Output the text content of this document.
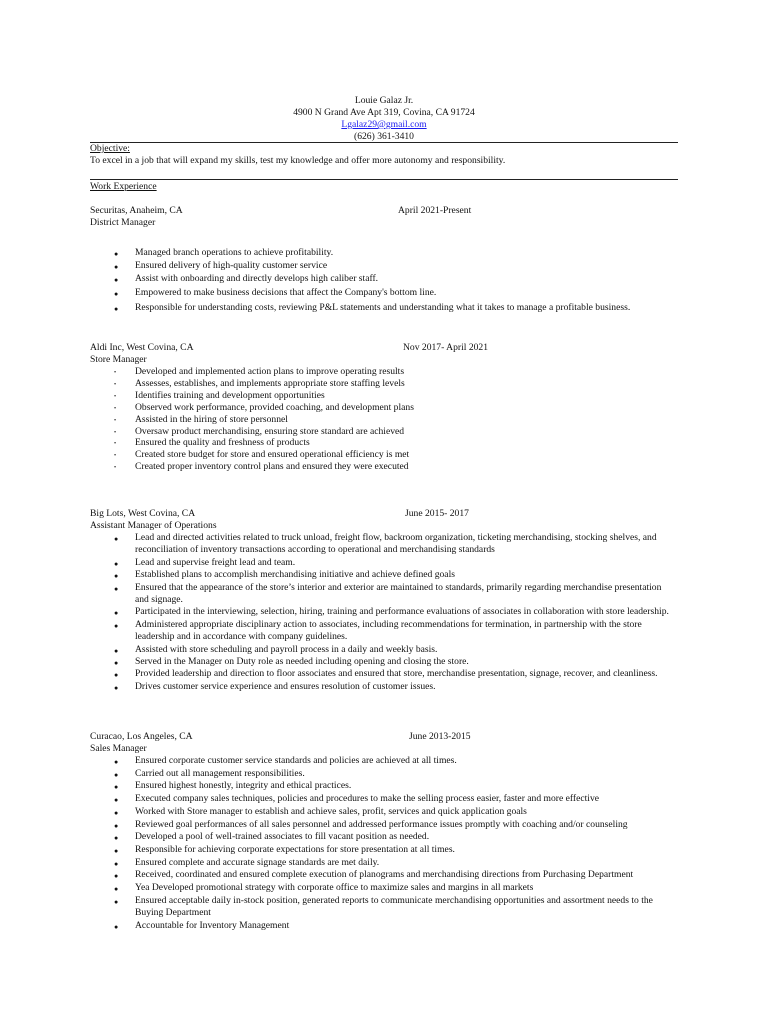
Louie Galaz Jr.
4900 N Grand Ave Apt 319, Covina, CA 91724
Lgalaz29@gmail.com
(626) 361-3410
Objective:
To excel in a job that will expand my skills, test my knowledge and offer more autonomy and responsibility.
Work Experience
Securitas, Anaheim, CA	April 2021-Present
District Manager
●
Managed branch operations to achieve profitability.
●
Ensured delivery of high-quality customer service
●
Assist with onboarding and directly develops high caliber staff.
●
Empowered to make business decisions that affect the Company's bottom line.
●
Responsible for understanding costs, reviewing P&L statements and understanding what it takes to manage a profitable business.
Aldi Inc, West Covina, CA	Nov 2017- April 2021
Store Manager
•
Developed and implemented action plans to improve operating results
•
Assesses, establishes, and implements appropriate store staffing levels
•
Identifies training and development opportunities
•
Observed work performance, provided coaching, and development plans
•
Assisted in the hiring of store personnel
•
Oversaw product merchandising, ensuring store standard are achieved
•
Ensured the quality and freshness of products
•
Created store budget for store and ensured operational efficiency is met
•
Created proper inventory control plans and ensured they were executed
Big Lots, West Covina, CA	June 2015- 2017
Assistant Manager of Operations
●
Lead and directed activities related to truck unload, freight flow, backroom organization, ticketing merchandising, stocking shelves, and reconciliation of inventory transactions according to operational and merchandising standards
●
Lead and supervise freight lead and team.
●
Established plans to accomplish merchandising initiative and achieve defined goals
●
Ensured that the appearance of the store’s interior and exterior are maintained to standards, primarily regarding merchandise presentation and signage.
●
Participated in the interviewing, selection, hiring, training and performance evaluations of associates in collaboration with store leadership.
●
Administered appropriate disciplinary action to associates, including recommendations for termination, in partnership with the store leadership and in accordance with company guidelines.
●
Assisted with store scheduling and payroll process in a daily and weekly basis.
●
Served in the Manager on Duty role as needed including opening and closing the store.
●
Provided leadership and direction to floor associates and ensured that store, merchandise presentation, signage, recover, and cleanliness.
●
Drives customer service experience and ensures resolution of customer issues.
Curacao, Los Angeles, CA	June 2013-2015
Sales Manager
●
Ensured corporate customer service standards and policies are achieved at all times.
●
Carried out all management responsibilities.
●
Ensured highest honestly, integrity and ethical practices.
●
Executed company sales techniques, policies and procedures to make the selling process easier, faster and more effective
●
Worked with Store manager to establish and achieve sales, profit, services and quick application goals
●
Reviewed goal performances of all sales personnel and addressed performance issues promptly with coaching and/or counseling
●
Developed a pool of well-trained associates to fill vacant position as needed.
●
Responsible for achieving corporate expectations for store presentation at all times.
●
Ensured complete and accurate signage standards are met daily.
●
Received, coordinated and ensured complete execution of planograms and merchandising directions from Purchasing Department
●
Yea Developed promotional strategy with corporate office to maximize sales and margins in all markets
●
Ensured acceptable daily in-stock position, generated reports to communicate merchandising opportunities and assortment needs to the Buying Department
●
Accountable for Inventory Management
